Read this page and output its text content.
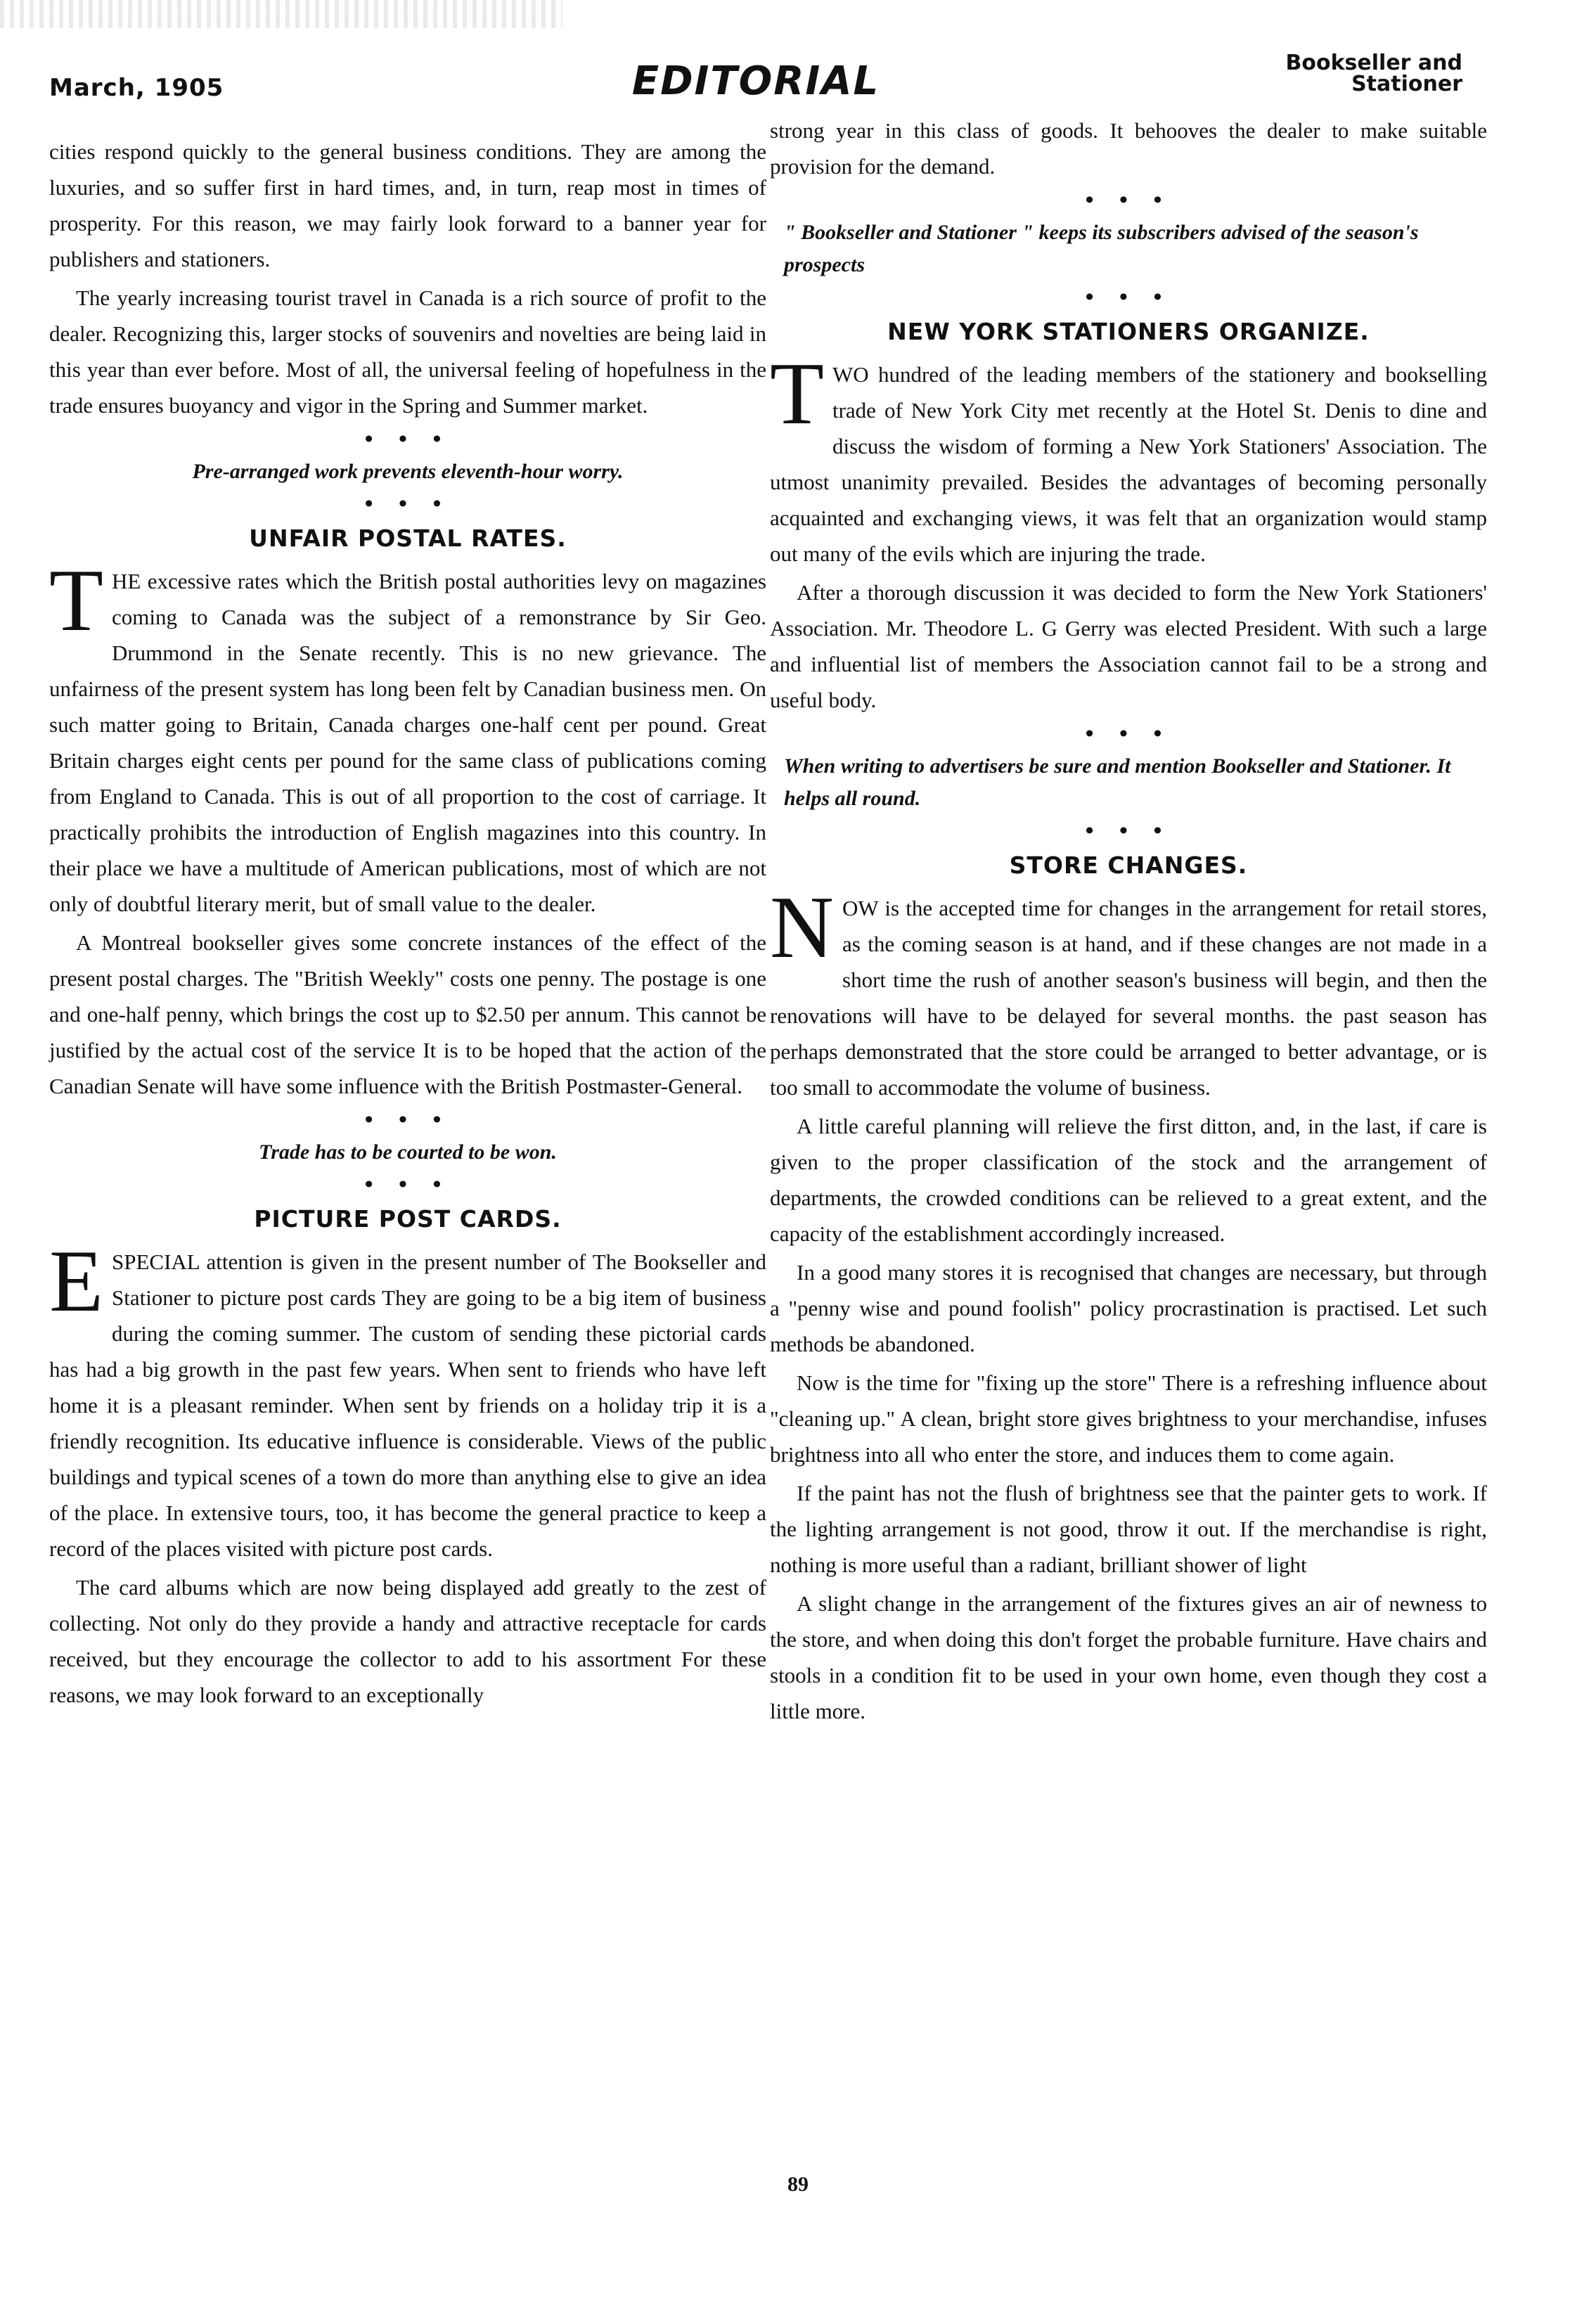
March, 1905	EDITORIAL	Bookseller and
Stationer

cities respond quickly to the general business conditions. They are among the luxuries, and so suffer first in hard times, and, in turn, reap most in times of prosperity. For this reason, we may fairly look forward to a banner year for publishers and stationers.

The yearly increasing tourist travel in Canada is a rich source of profit to the dealer. Recognizing this, larger stocks of souvenirs and novelties are being laid in this year than ever before. Most of all, the universal feeling of hopefulness in the trade ensures buoyancy and vigor in the Spring and Summer market.

• • •
Pre-arranged work prevents eleventh-hour worry.
• • •
UNFAIR POSTAL RATES.

THE excessive rates which the British postal authorities levy on magazines coming to Canada was the subject of a remonstrance by Sir Geo. Drummond in the Senate recently. This is no new grievance. The unfairness of the present system has long been felt by Canadian business men. On such matter going to Britain, Canada charges one-half cent per pound. Great Britain charges eight cents per pound for the same class of publications coming from England to Canada. This is out of all proportion to the cost of carriage. It practically prohibits the introduction of English magazines into this country. In their place we have a multitude of American publications, most of which are not only of doubtful literary merit, but of small value to the dealer.

A Montreal bookseller gives some concrete instances of the effect of the present postal charges. The "British Weekly" costs one penny. The postage is one and one-half penny, which brings the cost up to $2.50 per annum. This cannot be justified by the actual cost of the service It is to be hoped that the action of the Canadian Senate will have some influence with the British Postmaster-General.

• • •
Trade has to be courted to be won.
• • •
PICTURE POST CARDS.

ESPECIAL attention is given in the present number of The Bookseller and Stationer to picture post cards They are going to be a big item of business during the coming summer. The custom of sending these pictorial cards has had a big growth in the past few years. When sent to friends who have left home it is a pleasant reminder. When sent by friends on a holiday trip it is a friendly recognition. Its educative influence is considerable. Views of the public buildings and typical scenes of a town do more than anything else to give an idea of the place. In extensive tours, too, it has become the general practice to keep a record of the places visited with picture post cards.

The card albums which are now being displayed add greatly to the zest of collecting. Not only do they provide a handy and attractive receptacle for cards received, but they encourage the collector to add to his assortment For these reasons, we may look forward to an exceptionally

strong year in this class of goods. It behooves the dealer to make suitable provision for the demand.

• • •
" Bookseller and Stationer " keeps its subscribers advised of the season's prospects
• • •
NEW YORK STATIONERS ORGANIZE.

TWO hundred of the leading members of the stationery and bookselling trade of New York City met recently at the Hotel St. Denis to dine and discuss the wisdom of forming a New York Stationers' Association. The utmost unanimity prevailed. Besides the advantages of becoming personally acquainted and exchanging views, it was felt that an organization would stamp out many of the evils which are injuring the trade.

After a thorough discussion it was decided to form the New York Stationers' Association. Mr. Theodore L. G Gerry was elected President. With such a large and influential list of members the Association cannot fail to be a strong and useful body.

• • •
When writing to advertisers be sure and mention Bookseller and Stationer. It helps all round.
• • •
STORE CHANGES.

NOW is the accepted time for changes in the arrangement for retail stores, as the coming season is at hand, and if these changes are not made in a short time the rush of another season's business will begin, and then the renovations will have to be delayed for several months. the past season has perhaps demonstrated that the store could be arranged to better advantage, or is too small to accommodate the volume of business.

A little careful planning will relieve the first ditton, and, in the last, if care is given to the proper classification of the stock and the arrangement of departments, the crowded conditions can be relieved to a great extent, and the capacity of the establishment accordingly increased.

In a good many stores it is recognised that changes are necessary, but through a "penny wise and pound foolish" policy procrastination is practised. Let such methods be abandoned.

Now is the time for "fixing up the store" There is a refreshing influence about "cleaning up." A clean, bright store gives brightness to your merchandise, infuses brightness into all who enter the store, and induces them to come again.

If the paint has not the flush of brightness see that the painter gets to work. If the lighting arrangement is not good, throw it out. If the merchandise is right, nothing is more useful than a radiant, brilliant shower of light

A slight change in the arrangement of the fixtures gives an air of newness to the store, and when doing this don't forget the probable furniture. Have chairs and stools in a condition fit to be used in your own home, even though they cost a little more.

89
